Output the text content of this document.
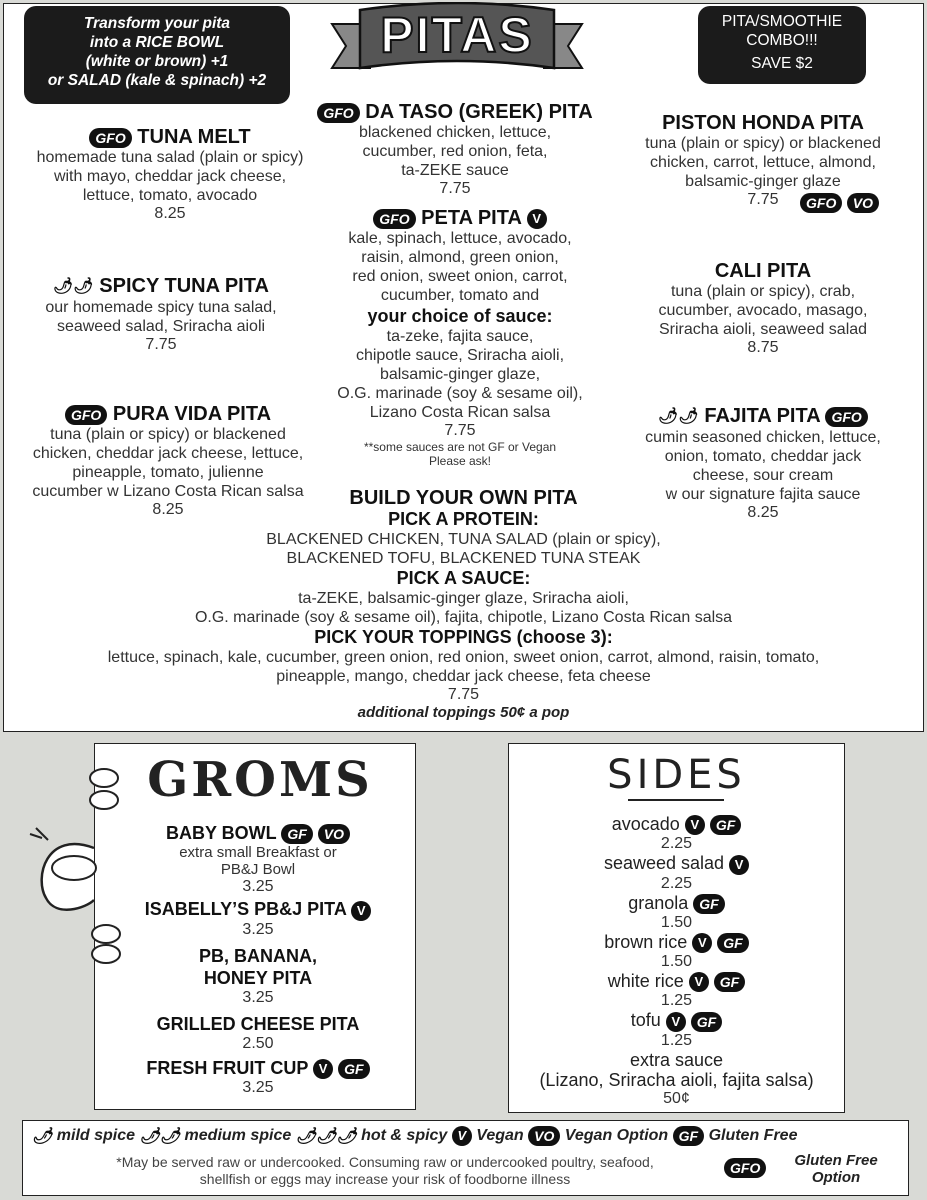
Transform your pita
into a RICE BOWL
(white or brown) +1
or SALAD (kale & spinach) +2
PITAS	PITA/SMOOTHIE
COMBO!!!
SAVE $2
GFO TUNA MELT
homemade tuna salad (plain or spicy)
with mayo, cheddar jack cheese,
lettuce, tomato, avocado
8.25
🌶🌶 SPICY TUNA PITA
our homemade spicy tuna salad,
seaweed salad, Sriracha aioli
7.75
GFO PURA VIDA PITA
tuna (plain or spicy) or blackened
chicken, cheddar jack cheese, lettuce,
pineapple, tomato, julienne
cucumber w Lizano Costa Rican salsa
8.25
GFO DA TASO (GREEK) PITA
blackened chicken, lettuce,
cucumber, red onion, feta,
ta-ZEKE sauce
7.75
GFO PETA PITA V
kale, spinach, lettuce, avocado,
raisin, almond, green onion,
red onion, sweet onion, carrot,
cucumber, tomato and
your choice of sauce:
ta-zeke, fajita sauce,
chipotle sauce, Sriracha aioli,
balsamic-ginger glaze,
O.G. marinade (soy & sesame oil),
Lizano Costa Rican salsa
7.75
**some sauces are not GF or Vegan
Please ask!
PISTON HONDA PITA
tuna (plain or spicy) or blackened
chicken, carrot, lettuce, almond,
balsamic-ginger glaze
7.75	GFO VO
CALI PITA
tuna (plain or spicy), crab,
cucumber, avocado, masago,
Sriracha aioli, seaweed salad
8.75
🌶🌶 FAJITA PITA GFO
cumin seasoned chicken, lettuce,
onion, tomato, cheddar jack
cheese, sour cream
w our signature fajita sauce
8.25
BUILD YOUR OWN PITA
PICK A PROTEIN:
BLACKENED CHICKEN, TUNA SALAD (plain or spicy),
BLACKENED TOFU, BLACKENED TUNA STEAK
PICK A SAUCE:
ta-ZEKE, balsamic-ginger glaze, Sriracha aioli,
O.G. marinade (soy & sesame oil), fajita, chipotle, Lizano Costa Rican salsa
PICK YOUR TOPPINGS (choose 3):
lettuce, spinach, kale, cucumber, green onion, red onion, sweet onion, carrot, almond, raisin, tomato,
pineapple, mango, cheddar jack cheese, feta cheese
7.75
additional toppings 50¢ a pop
GROMS
BABY BOWL GF VO
extra small Breakfast or
PB&J Bowl
3.25
ISABELLY’S PB&J PITA V
3.25
PB, BANANA,
HONEY PITA
3.25
GRILLED CHEESE PITA
2.50
FRESH FRUIT CUP V GF
3.25
SIDES
avocado V GF
2.25
seaweed salad V
2.25
granola GF
1.50
brown rice V GF
1.50
white rice V GF
1.25
tofu V GF
1.25
extra sauce
(Lizano, Sriracha aioli, fajita salsa)
50¢
🌶 mild spice 🌶🌶 medium spice 🌶🌶🌶 hot & spicy V Vegan VO Vegan Option GF Gluten Free
*May be served raw or undercooked. Consuming raw or undercooked poultry, seafood,
shellfish or eggs may increase your risk of foodborne illness
GFO	Gluten Free
Option
